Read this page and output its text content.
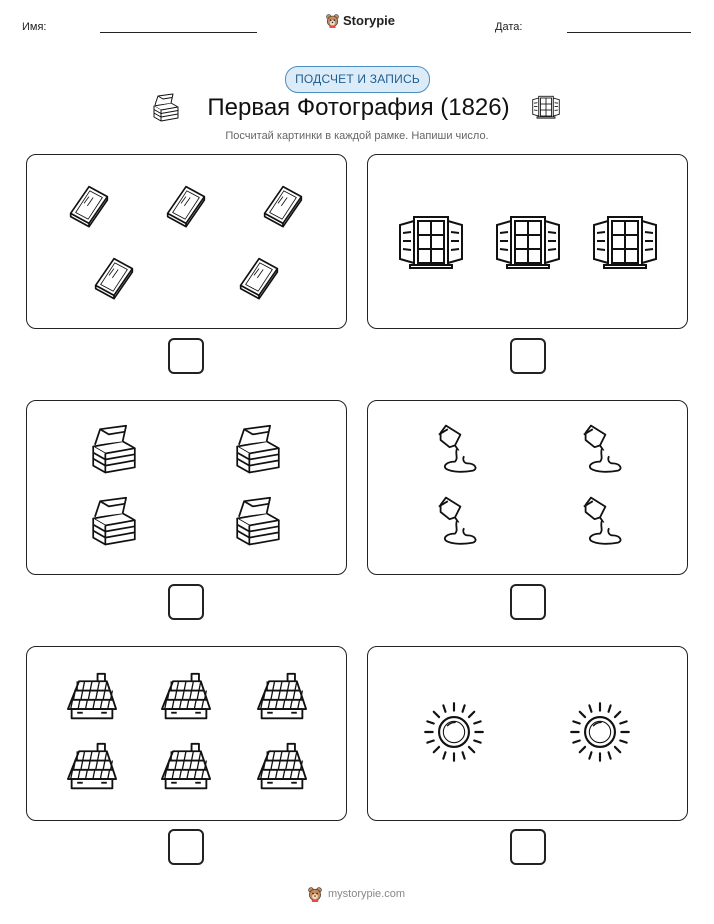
Имя:	Storypie	Дата:
ПОДСЧЕТ И ЗАПИСЬ
Первая Фотография (1826)
Посчитай картинки в каждой рамке. Напиши число.
mystorypie.com
